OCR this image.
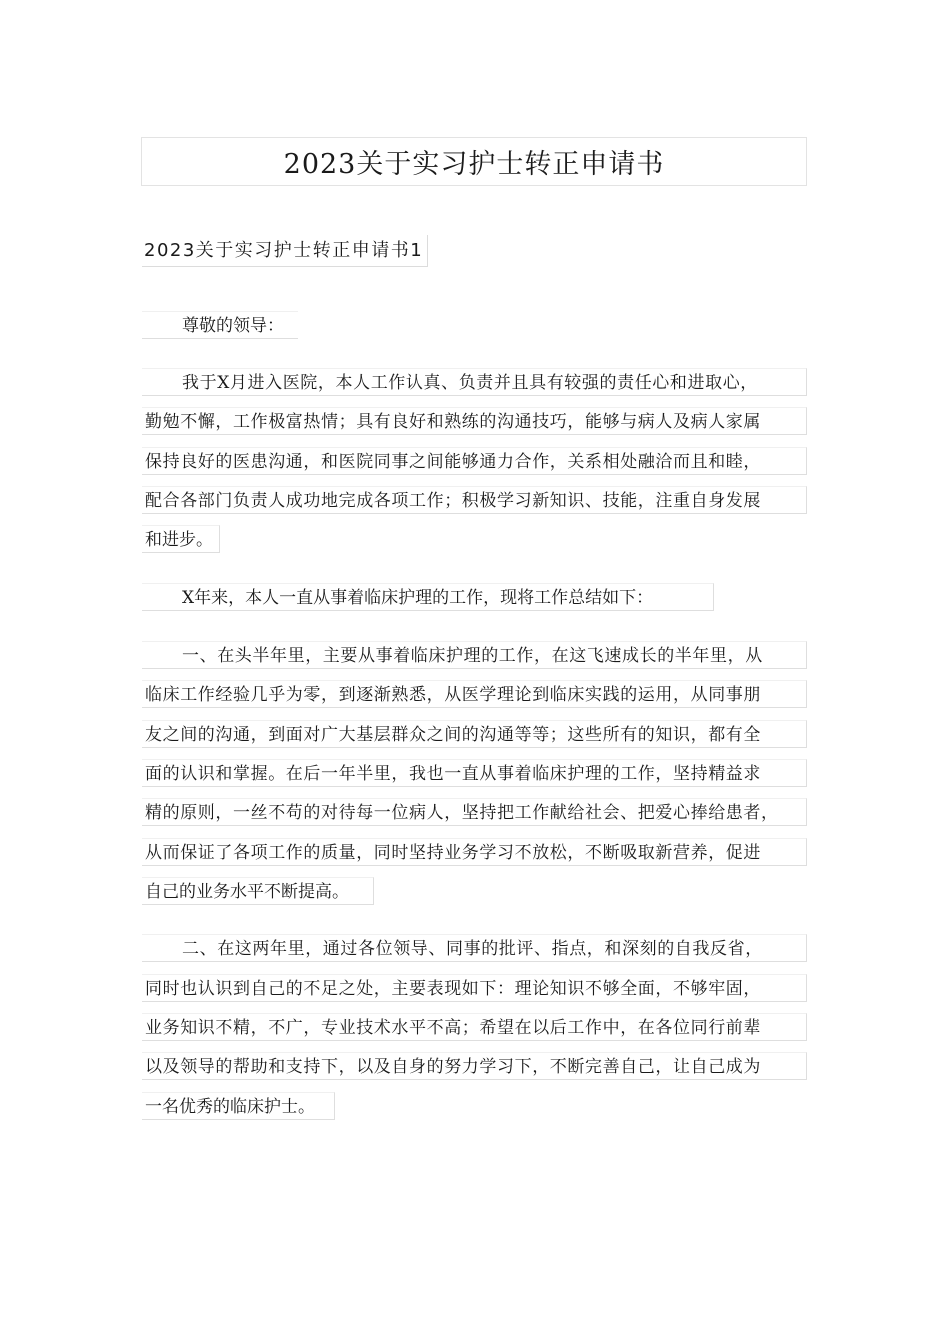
2023关于实习护士转正申请书
2023关于实习护士转正申请书1
尊敬的领导：
我于X月进入医院，本人工作认真、负责并且具有较强的责任心和进取心，
勤勉不懈，工作极富热情；具有良好和熟练的沟通技巧，能够与病人及病人家属
保持良好的医患沟通，和医院同事之间能够通力合作，关系相处融洽而且和睦，
配合各部门负责人成功地完成各项工作；积极学习新知识、技能，注重自身发展
和进步。
X年来，本人一直从事着临床护理的工作，现将工作总结如下：
一、在头半年里，主要从事着临床护理的工作，在这飞速成长的半年里，从
临床工作经验几乎为零，到逐渐熟悉，从医学理论到临床实践的运用，从同事朋
友之间的沟通，到面对广大基层群众之间的沟通等等；这些所有的知识，都有全
面的认识和掌握。在后一年半里，我也一直从事着临床护理的工作，坚持精益求
精的原则，一丝不苟的对待每一位病人，坚持把工作献给社会、把爱心捧给患者，
从而保证了各项工作的质量，同时坚持业务学习不放松，不断吸取新营养，促进
自己的业务水平不断提高。
二、在这两年里，通过各位领导、同事的批评、指点，和深刻的自我反省，
同时也认识到自己的不足之处，主要表现如下：理论知识不够全面，不够牢固，
业务知识不精，不广，专业技术水平不高；希望在以后工作中，在各位同行前辈
以及领导的帮助和支持下，以及自身的努力学习下，不断完善自己，让自己成为
一名优秀的临床护士。
